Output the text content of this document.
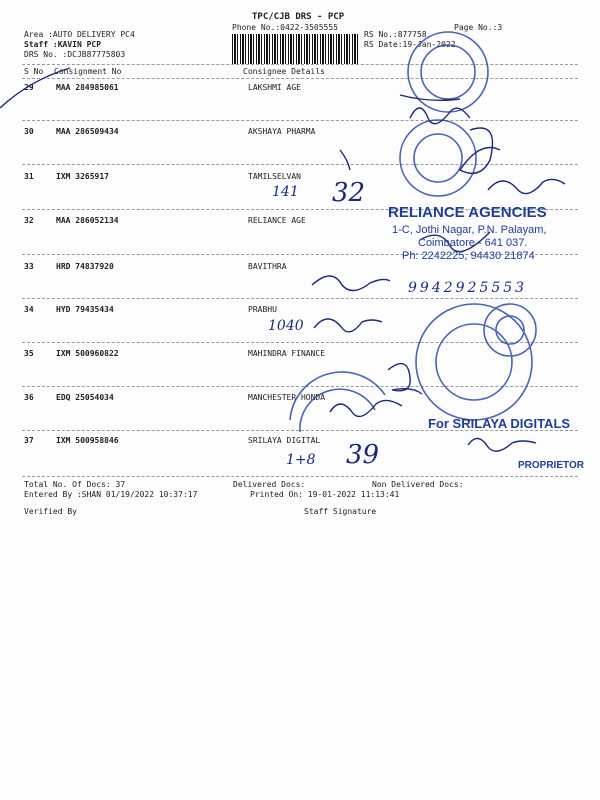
TPC/CJB DRS - PCP
Phone No.:0422-3505555
Area :AUTO DELIVERY PC4
Staff :KAVIN PCP
DRS No. :DCJB87775803
RS No.:877758
RS Date:19-Jan-2022
Page No.:3
S No Consignment No	Consignee Details
29	MAA 284985061	LAKSHMI AGE
30	MAA 286509434	AKSHAYA PHARMA
31	IXM 3265917	TAMILSELVAN
32	MAA 286052134	RELIANCE AGE
33	HRD 74837920	BAVITHRA
34	HYD 79435434	PRABHU
35	IXM 500960822	MAHINDRA FINANCE
36	EDQ 25054034	MANCHESTER HONDA
37	IXM 500958846	SRILAYA DIGITAL
Total No. Of Docs: 37	Delivered Docs:	Non Delivered Docs:
Entered By :SHAN 01/19/2022 10:37:17	Printed On: 19-01-2022 11:13:41
Verified By	Staff Signature
RELIANCE AGENCIES
1-C, Jothi Nagar, P.N. Palayam,
Coimbatore - 641 037.
Ph: 2242225, 94430 21874
For SRILAYA DIGITALS
PROPRIETOR
141 32
9942925553
1040
1+8 39
